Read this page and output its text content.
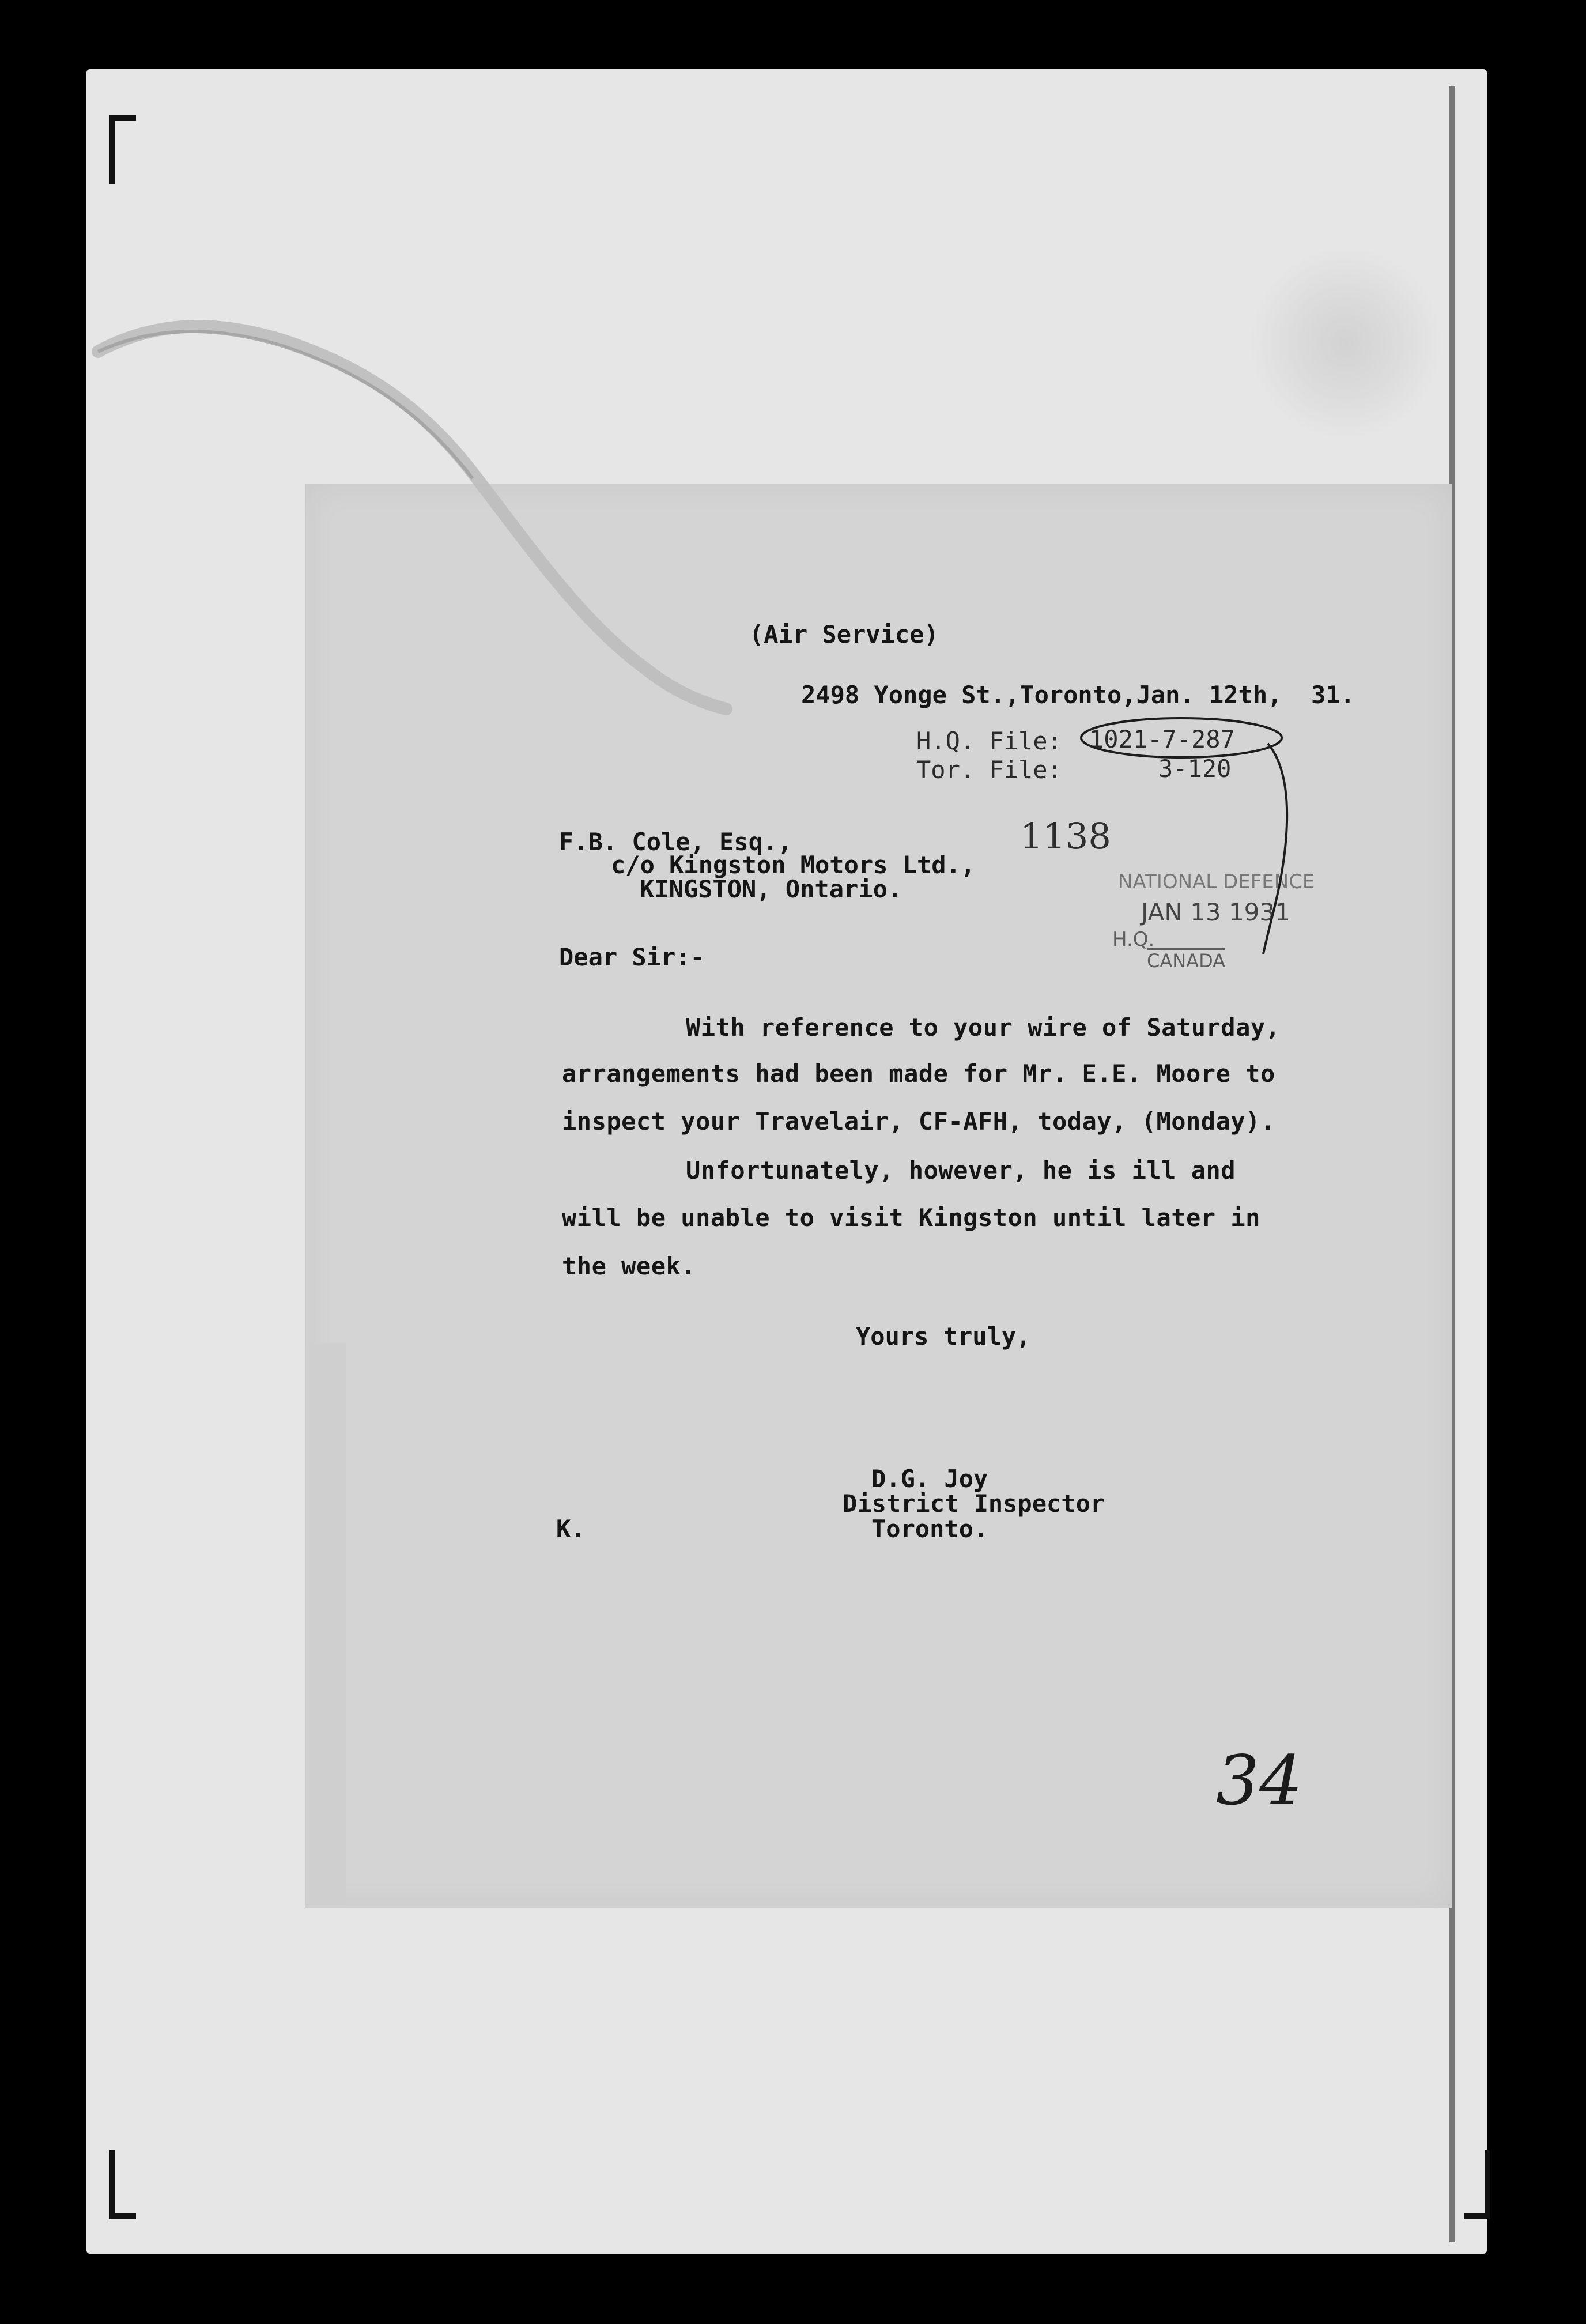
(Air Service)
2498 Yonge St.,Toronto,Jan. 12th, 31.
H.Q. File: 1021-7-287
Tor. File:	3-120
F.B. Cole, Esq.,
c/o Kingston Motors Ltd.,
KINGSTON, Ontario.
1138
NATIONAL DEFENCE
JAN 13 1931
H.Q.
CANADA
Dear Sir:-
With reference to your wire of Saturday,
arrangements had been made for Mr. E.E. Moore to
inspect your Travelair, CF-AFH, today, (Monday).
Unfortunately, however, he is ill and
will be unable to visit Kingston until later in
the week.
Yours truly,
D.G. Joy
District Inspector
Toronto.
K.
34
